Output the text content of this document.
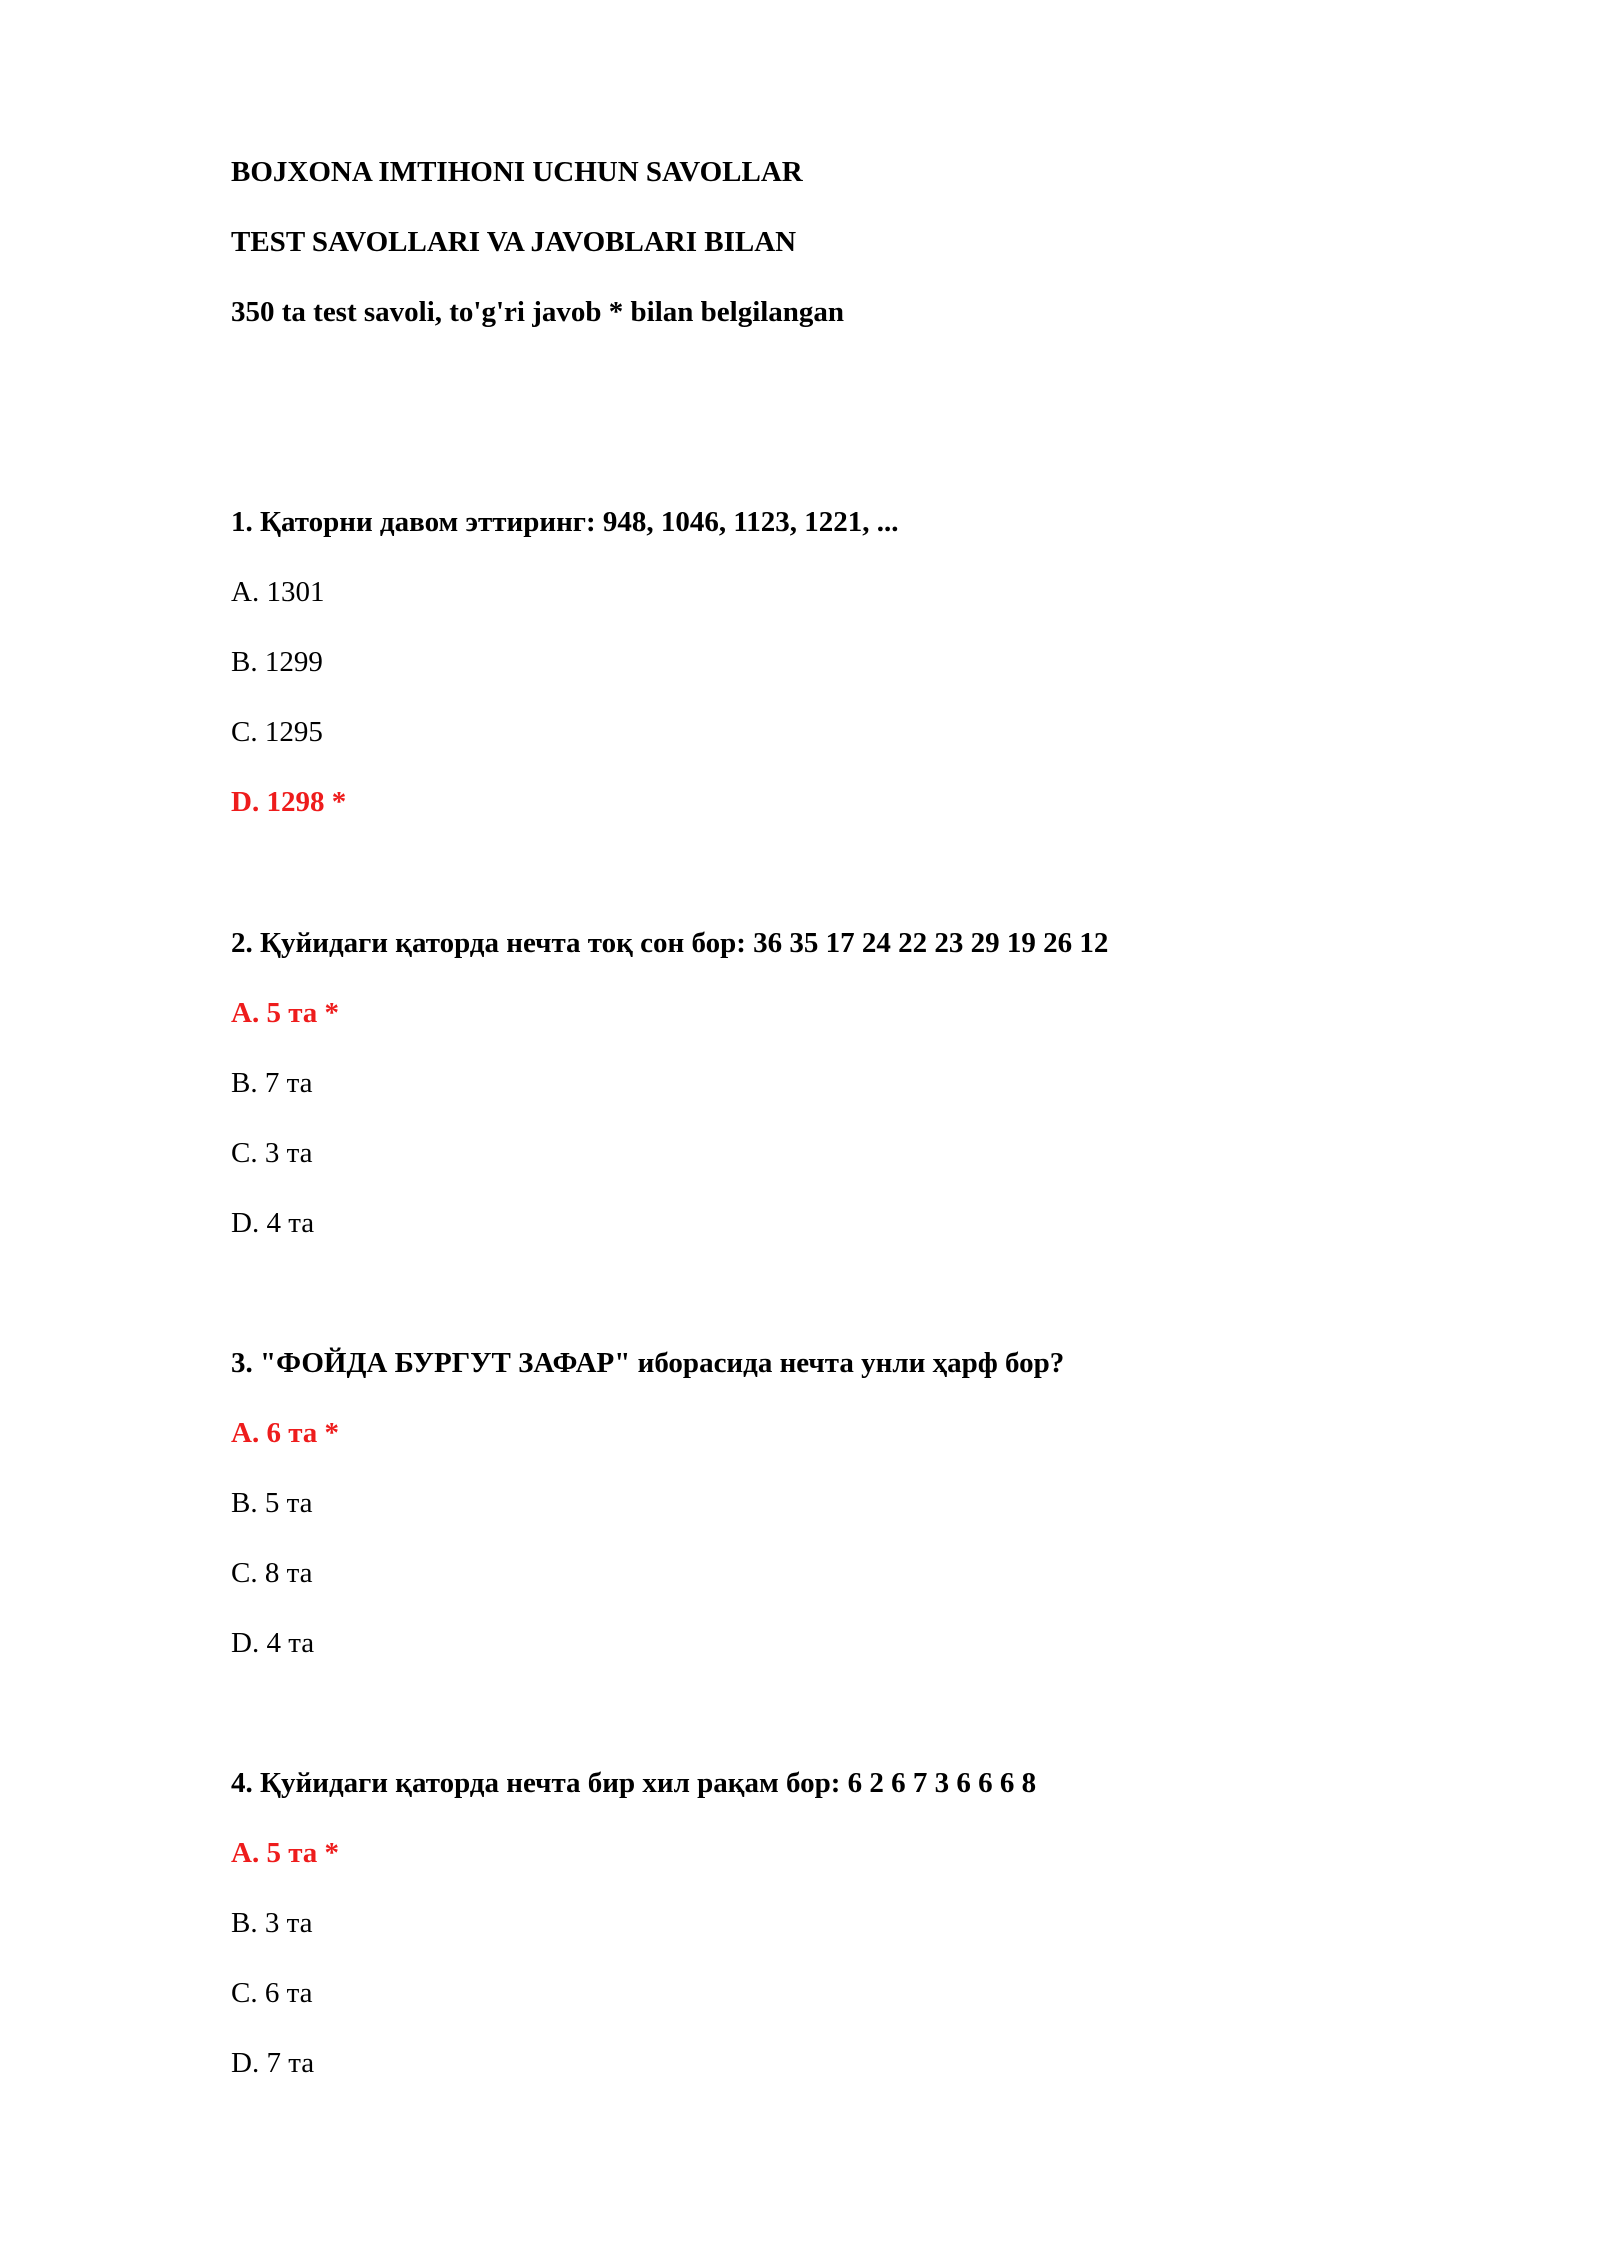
BOJXONA IMTIHONI UCHUN SAVOLLAR
TEST SAVOLLARI VA JAVOBLARI BILAN
350 ta test savoli, to'g'ri javob * bilan belgilangan
1. Қаторни давом эттиринг: 948, 1046, 1123, 1221, ...
A. 1301
B. 1299
C. 1295
D. 1298 *
2. Қуйидаги қаторда нечта тоқ сон бор: 36 35 17 24 22 23 29 19 26 12
A. 5 та *
B. 7 та
C. 3 та
D. 4 та
3. "ФОЙДА БУРГУТ ЗАФАР" иборасида нечта унли ҳарф бор?
A. 6 та *
B. 5 та
C. 8 та
D. 4 та
4. Қуйидаги қаторда нечта бир хил рақам бор: 6 2 6 7 3 6 6 6 8
A. 5 та *
B. 3 та
C. 6 та
D. 7 та
